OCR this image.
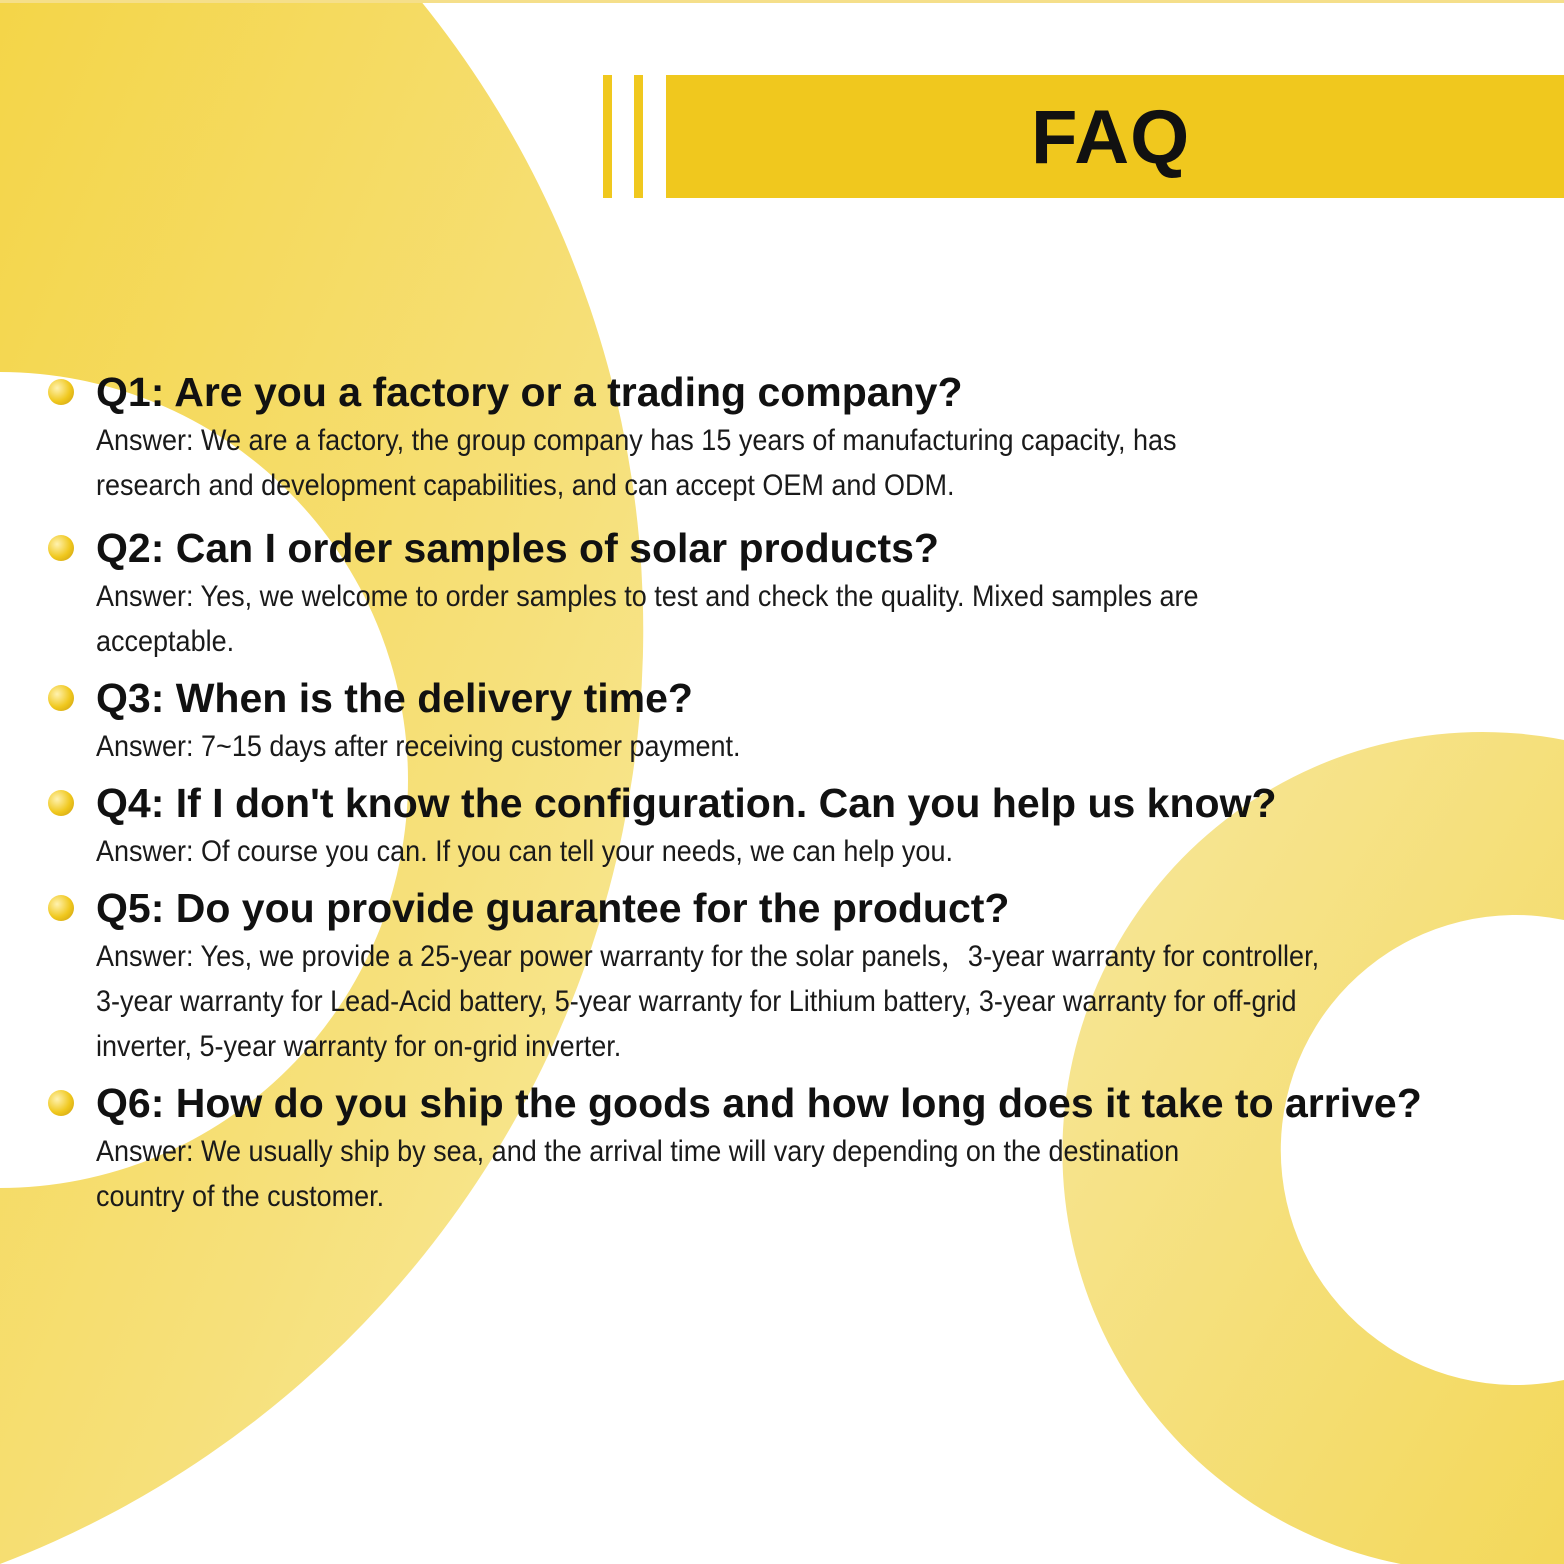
FAQ
Q1: Are you a factory or a trading company?
Answer: We are a factory, the group company has 15 years of manufacturing capacity, has
research and development capabilities, and can accept OEM and ODM.
Q2: Can I order samples of solar products?
Answer: Yes, we welcome to order samples to test and check the quality. Mixed samples are
acceptable.
Q3: When is the delivery time?
Answer: 7~15 days after receiving customer payment.
Q4: If I don't know the configuration. Can you help us know?
Answer: Of course you can. If you can tell your needs, we can help you.
Q5: Do you provide guarantee for the product?
Answer: Yes, we provide a 25-year power warranty for the solar panels，3-year warranty for controller,
3-year warranty for Lead-Acid battery, 5-year warranty for Lithium battery, 3-year warranty for off-grid
inverter, 5-year warranty for on-grid inverter.
Q6: How do you ship the goods and how long does it take to arrive?
Answer: We usually ship by sea, and the arrival time will vary depending on the destination
country of the customer.
